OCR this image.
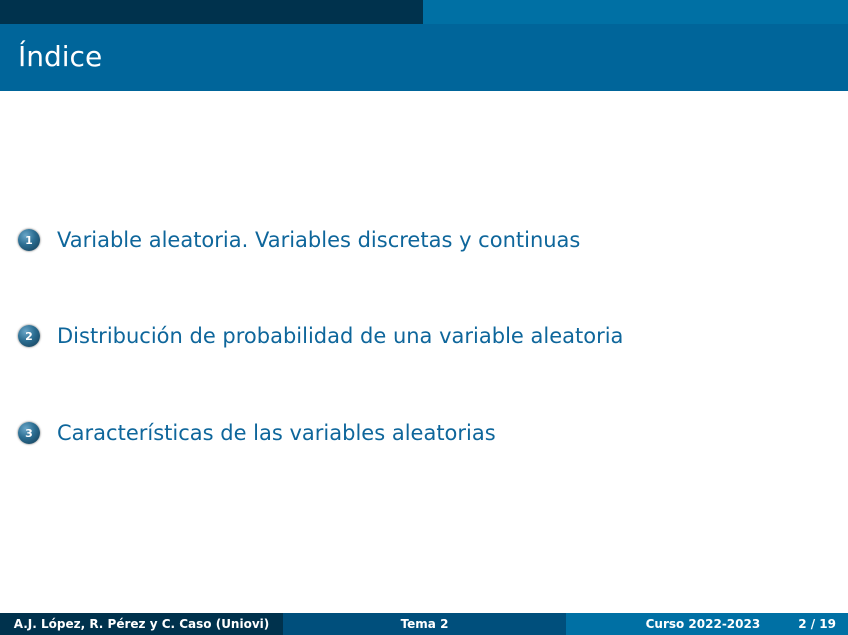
Índice
1	Variable aleatoria. Variables discretas y continuas
2	Distribución de probabilidad de una variable aleatoria
3	Características de las variables aleatorias
A.J. López, R. Pérez y C. Caso (Uniovi)	Tema 2	Curso 2022-2023	2 / 19
